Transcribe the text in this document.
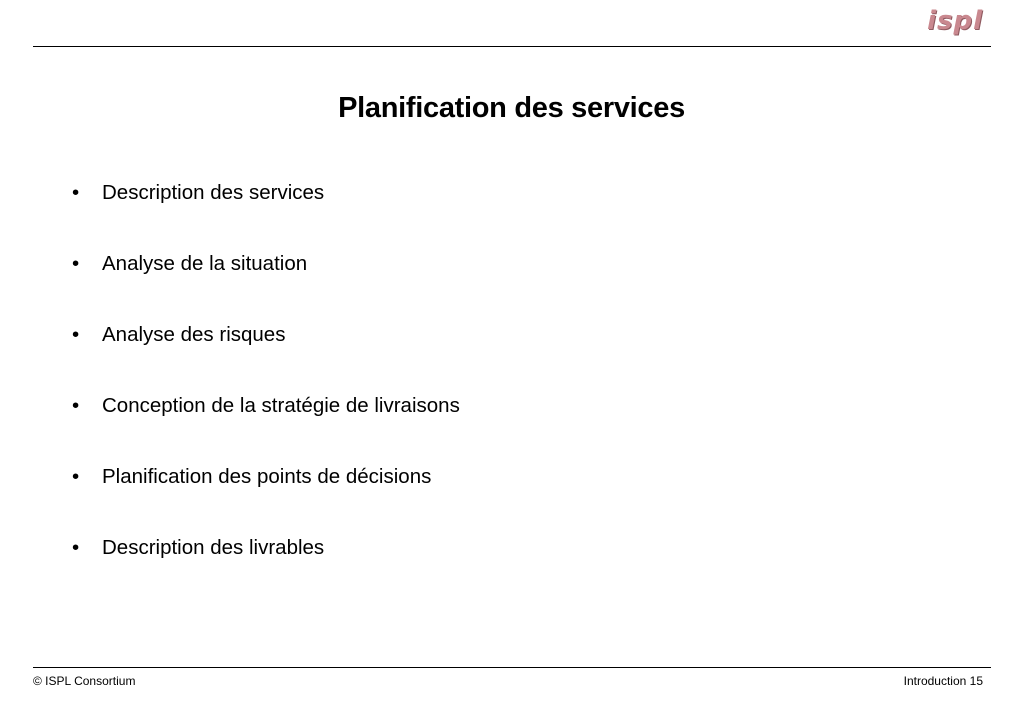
ispl
Planification des services
• Description des services
• Analyse de la situation
• Analyse des risques
• Conception de la stratégie de livraisons
• Planification des points de décisions
• Description des livrables
© ISPL Consortium	Introduction 15
